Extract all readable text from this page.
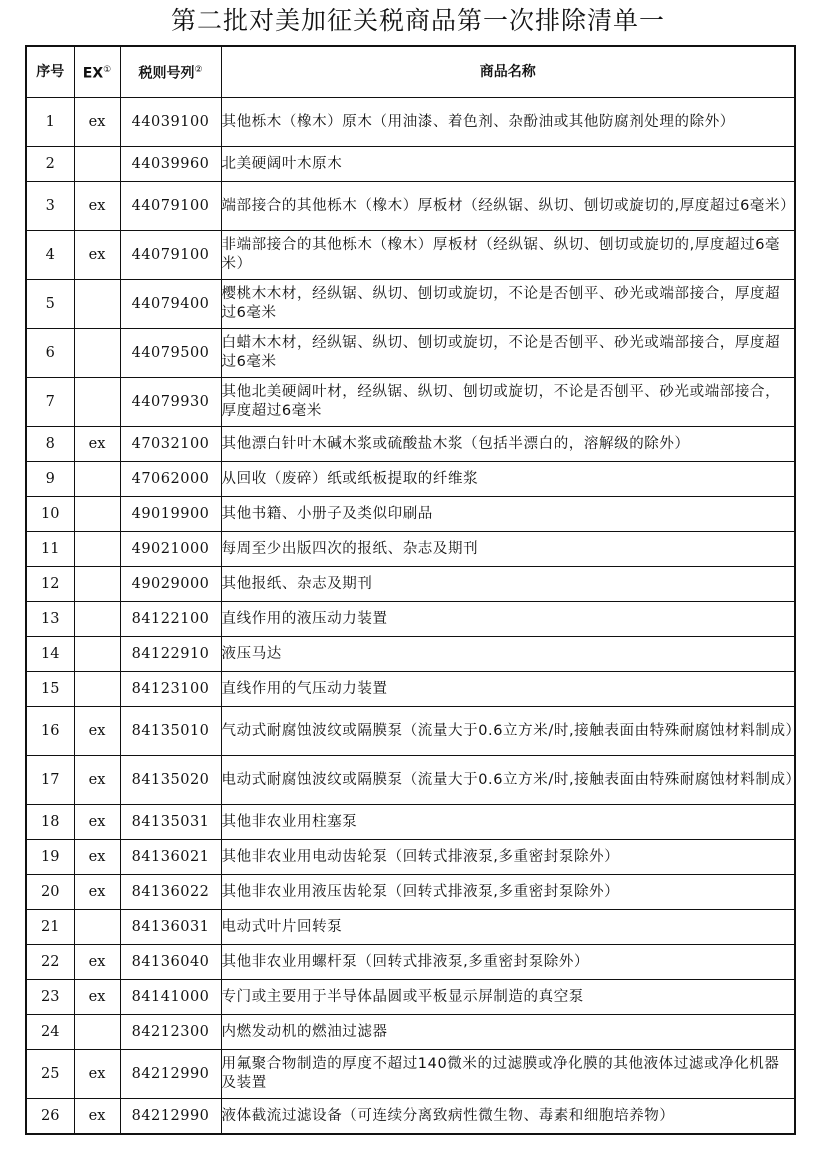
第二批对美加征关税商品第一次排除清单一
序号	EX①	税则号列②	商品名称
1	ex	44039100	其他栎木（橡木）原木（用油漆、着色剂、杂酚油或其他防腐剂处理的除外）
2		44039960	北美硬阔叶木原木
3	ex	44079100	端部接合的其他栎木（橡木）厚板材（经纵锯、纵切、刨切或旋切的,厚度超过6毫米）
4	ex	44079100	非端部接合的其他栎木（橡木）厚板材（经纵锯、纵切、刨切或旋切的,厚度超过6毫米）
5		44079400	樱桃木木材，经纵锯、纵切、刨切或旋切，不论是否刨平、砂光或端部接合，厚度超过6毫米
6		44079500	白蜡木木材，经纵锯、纵切、刨切或旋切，不论是否刨平、砂光或端部接合，厚度超过6毫米
7		44079930	其他北美硬阔叶材，经纵锯、纵切、刨切或旋切，不论是否刨平、砂光或端部接合，厚度超过6毫米
8	ex	47032100	其他漂白针叶木碱木浆或硫酸盐木浆（包括半漂白的，溶解级的除外）
9		47062000	从回收（废碎）纸或纸板提取的纤维浆
10		49019900	其他书籍、小册子及类似印刷品
11		49021000	每周至少出版四次的报纸、杂志及期刊
12		49029000	其他报纸、杂志及期刊
13		84122100	直线作用的液压动力装置
14		84122910	液压马达
15		84123100	直线作用的气压动力装置
16	ex	84135010	气动式耐腐蚀波纹或隔膜泵（流量大于0.6立方米/时,接触表面由特殊耐腐蚀材料制成）
17	ex	84135020	电动式耐腐蚀波纹或隔膜泵（流量大于0.6立方米/时,接触表面由特殊耐腐蚀材料制成）
18	ex	84135031	其他非农业用柱塞泵
19	ex	84136021	其他非农业用电动齿轮泵（回转式排液泵,多重密封泵除外）
20	ex	84136022	其他非农业用液压齿轮泵（回转式排液泵,多重密封泵除外）
21		84136031	电动式叶片回转泵
22	ex	84136040	其他非农业用螺杆泵（回转式排液泵,多重密封泵除外）
23	ex	84141000	专门或主要用于半导体晶圆或平板显示屏制造的真空泵
24		84212300	内燃发动机的燃油过滤器
25	ex	84212990	用氟聚合物制造的厚度不超过140微米的过滤膜或净化膜的其他液体过滤或净化机器及装置
26	ex	84212990	液体截流过滤设备（可连续分离致病性微生物、毒素和细胞培养物）
